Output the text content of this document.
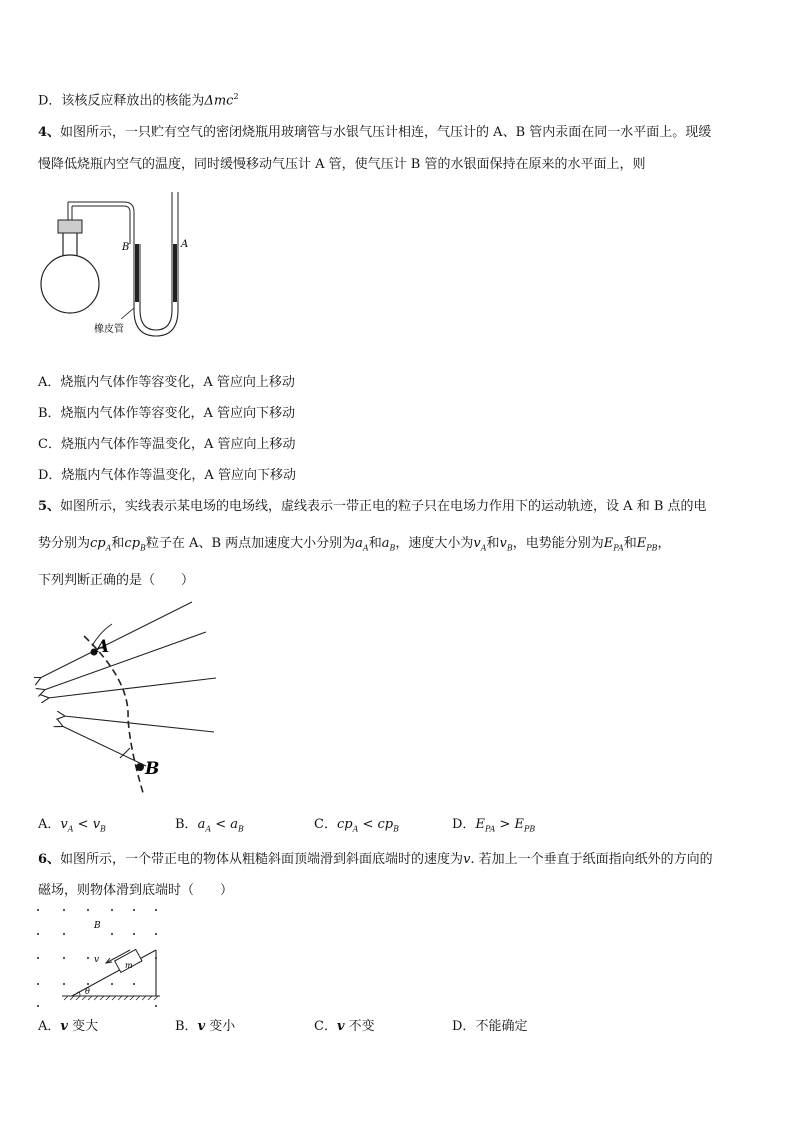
D．该核反应释放出的核能为Δmc$^2$
4、如图所示，一只贮有空气的密闭烧瓶用玻璃管与水银气压计相连，气压计的 A、B 管内汞面在同一水平面上。现缓
慢降低烧瓶内空气的温度，同时缓慢移动气压计 A 管，使气压计 B 管的水银面保持在原来的水平面上，则
B	A
橡皮管
A．烧瓶内气体作等容变化，A 管应向上移动
B．烧瓶内气体作等容变化，A 管应向下移动
C．烧瓶内气体作等温变化，A 管应向上移动
D．烧瓶内气体作等温变化，A 管应向下移动
5、如图所示，实线表示某电场的电场线，虚线表示一带正电的粒子只在电场力作用下的运动轨迹，设 A 和 B 点的电
势分别为$cp_A$和$cp_B$粒子在 A、B 两点加速度大小分别为$a_A$和$a_B$，速度大小为$v_A$和$v_B$，电势能分别为$E_{PA}$和$E_{PB}$，
下列判断正确的是（　　）
A
B
A．$v_A < v_B$	B．$a_A < a_B$	C．$cp_A < cp_B$	D．$E_{PA} > E_{PB}$
6、如图所示，一个带正电的物体从粗糙斜面顶端滑到斜面底端时的速度为v. 若加上一个垂直于纸面指向纸外的方向的
磁场，则物体滑到底端时（　　）
B
v
m
θ
A．v 变大	B．v 变小	C．v 不变	D．不能确定
